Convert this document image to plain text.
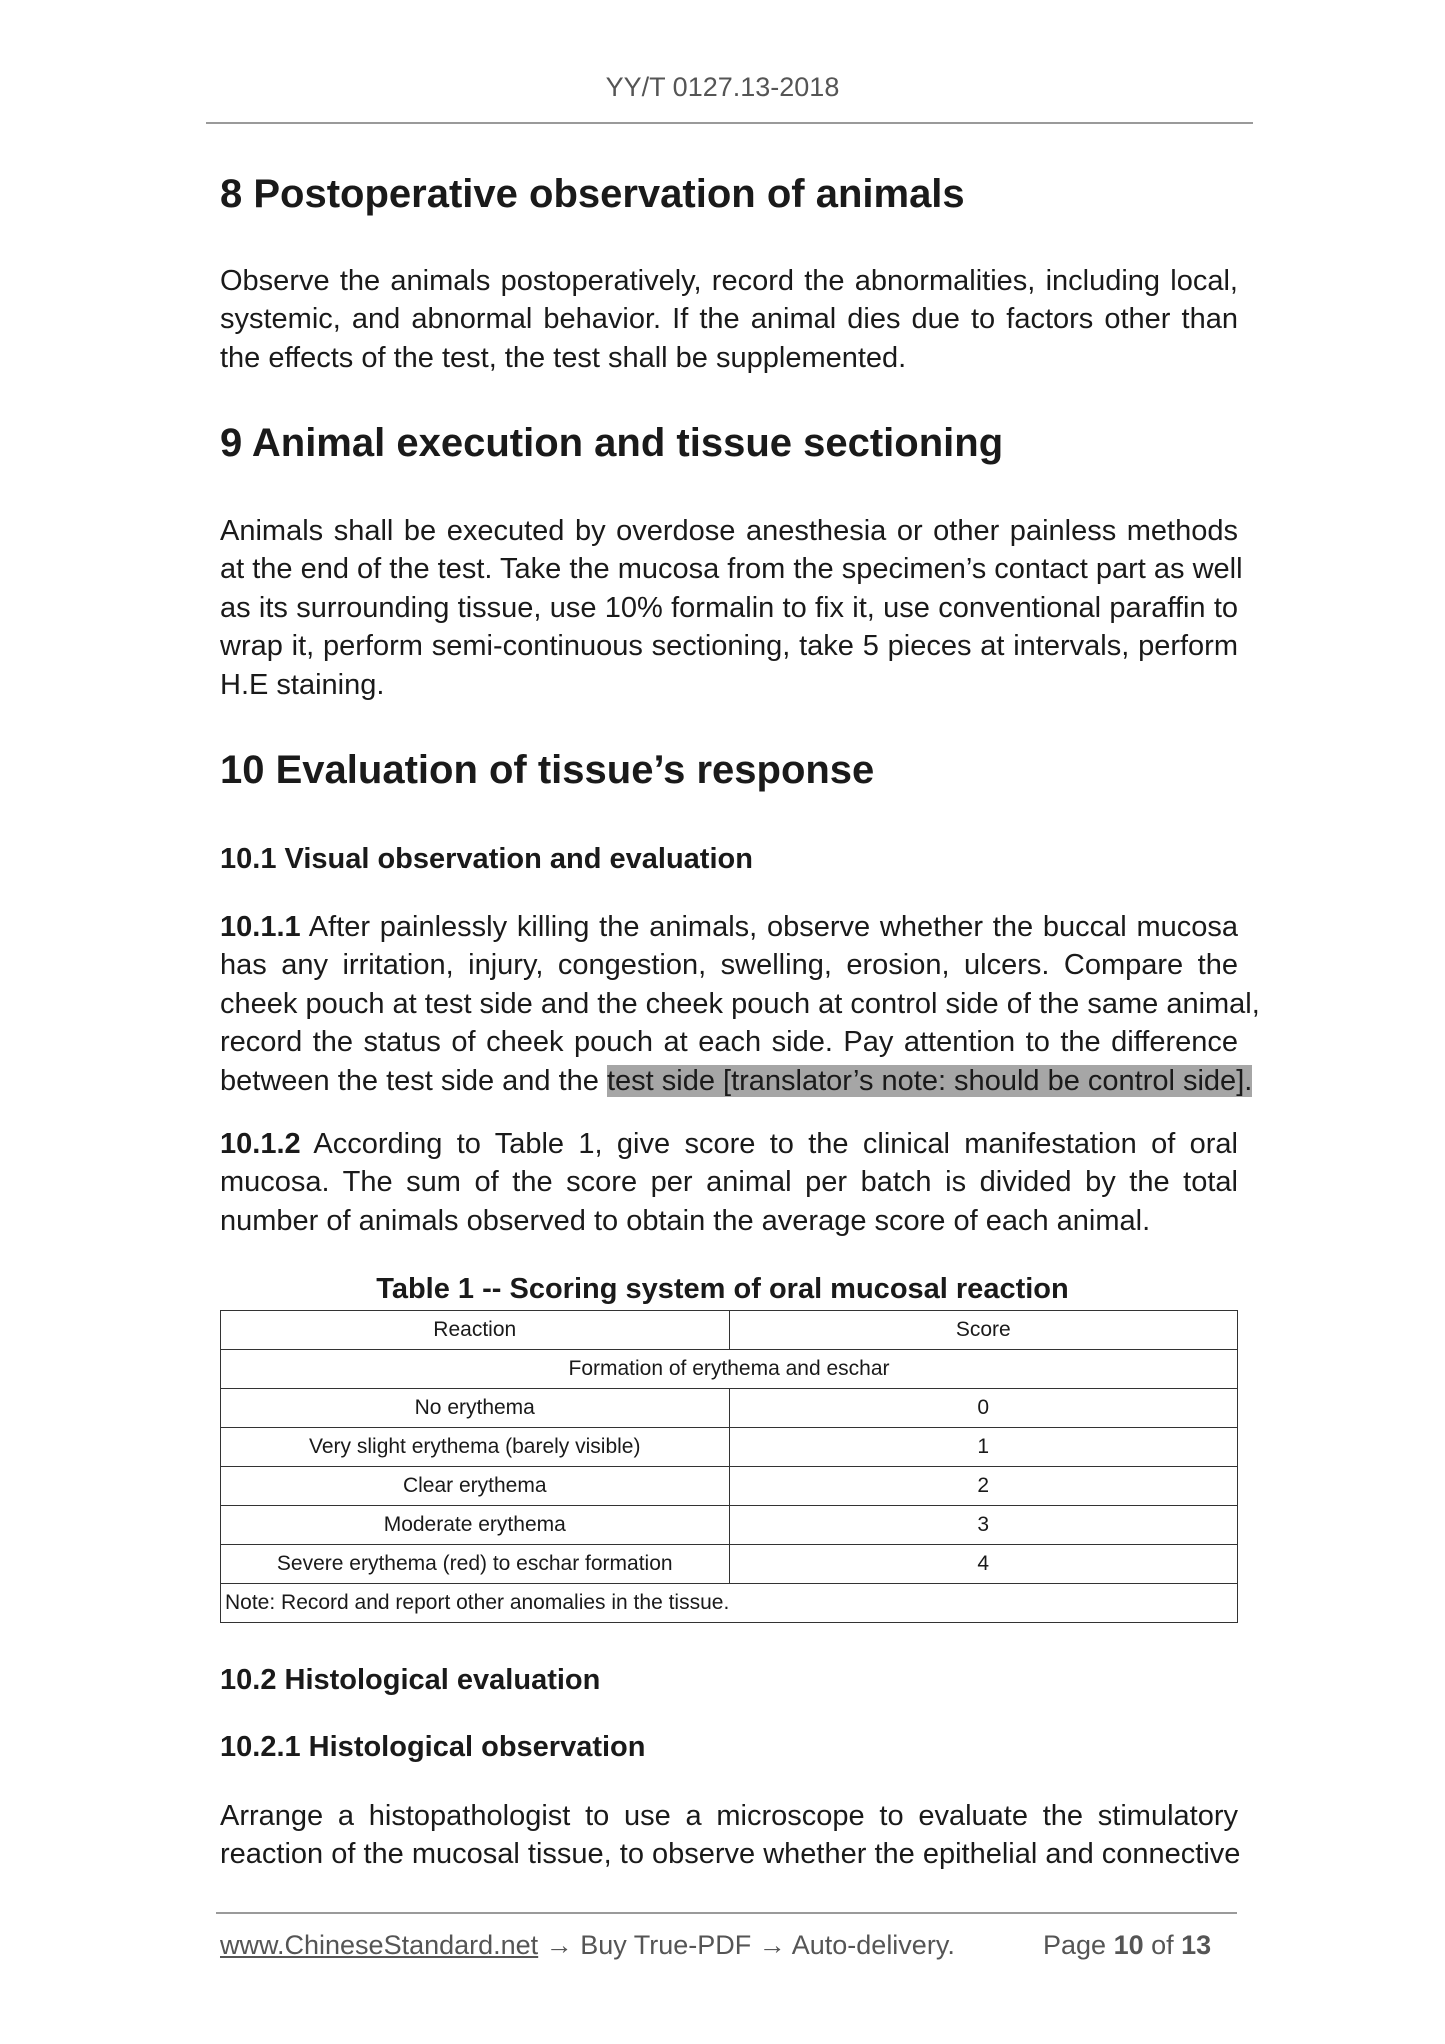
YY/T 0127.13-2018
8 Postoperative observation of animals
Observe the animals postoperatively, record the abnormalities, including local,
systemic, and abnormal behavior. If the animal dies due to factors other than
the effects of the test, the test shall be supplemented.
9 Animal execution and tissue sectioning
Animals shall be executed by overdose anesthesia or other painless methods
at the end of the test. Take the mucosa from the specimen’s contact part as well
as its surrounding tissue, use 10% formalin to fix it, use conventional paraffin to
wrap it, perform semi-continuous sectioning, take 5 pieces at intervals, perform
H.E staining.
10 Evaluation of tissue’s response
10.1 Visual observation and evaluation
10.1.1 After painlessly killing the animals, observe whether the buccal mucosa
has any irritation, injury, congestion, swelling, erosion, ulcers. Compare the
cheek pouch at test side and the cheek pouch at control side of the same animal,
record the status of cheek pouch at each side. Pay attention to the difference
between the test side and the test side [translator’s note: should be control side].
10.1.2 According to Table 1, give score to the clinical manifestation of oral
mucosa. The sum of the score per animal per batch is divided by the total
number of animals observed to obtain the average score of each animal.
Table 1 -- Scoring system of oral mucosal reaction
Reaction	Score
Formation of erythema and eschar	
No erythema	0
Very slight erythema (barely visible)	1
Clear erythema	2
Moderate erythema	3
Severe erythema (red) to eschar formation	4
Note: Record and report other anomalies in the tissue.	
10.2 Histological evaluation
10.2.1 Histological observation
Arrange a histopathologist to use a microscope to evaluate the stimulatory
reaction of the mucosal tissue, to observe whether the epithelial and connective
www.ChineseStandard.net → Buy True-PDF → Auto-delivery.	Page 10 of 13
